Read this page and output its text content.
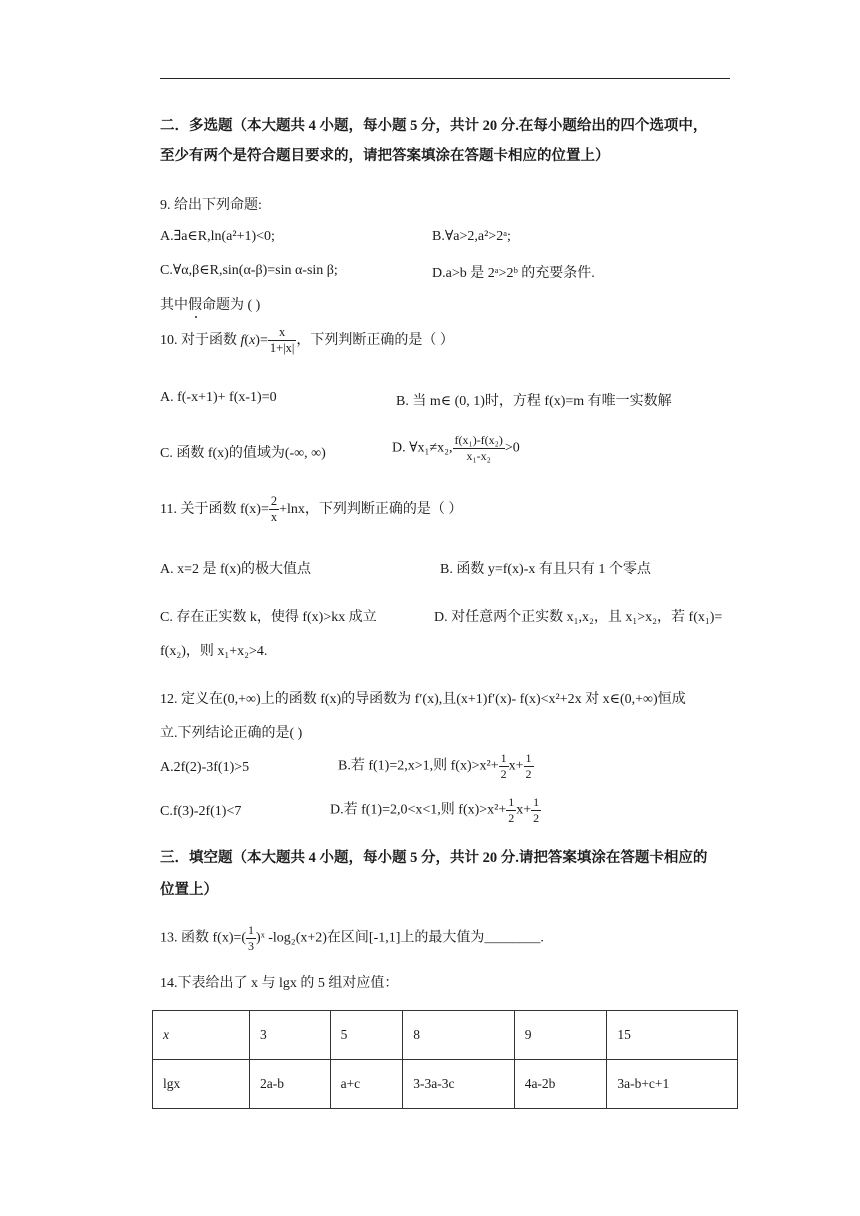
二．多选题（本大题共 4 小题，每小题 5 分，共计 20 分.在每小题给出的四个选项中，
至少有两个是符合题目要求的，请把答案填涂在答题卡相应的位置上）
9. 给出下列命题:
A.∃a∈R,ln(a²+1)<0;	B.∀a>2,a²>2ᵃ;
C.∀α,β∈R,sin(α-β)=sin α-sin β;	D.a>b 是 2ᵃ>2ᵇ 的充要条件.
其中假命题为 ( )
10. 对于函数 $f(x)= \frac{x}{1+|x|}$ ，下列判断正确的是（ ）
A. f(-x+1)+ f(x-1)=0	B. 当 m∈ (0, 1)时，方程 f(x)=m 有唯一实数解
C. 函数 f(x)的值域为(-∞, ∞)	D. ∀x₁≠x₂, $\frac{\text{f(x₁)-f(x₂)}}{\text{x₁-x₂}} >0$
11. 关于函数 $f(x)= \frac{2}{x} +\ln x$，下列判断正确的是（ ）
A. x=2 是 f(x)的极大值点	B. 函数 y=f(x)-x 有且只有 1 个零点
C. 存在正实数 k，使得 f(x)>kx 成立	D. 对任意两个正实数 x₁,x₂，且 x₁>x₂，若 f(x₁)=
f(x₂)，则 x₁+x₂>4.
12. 定义在(0,+∞)上的函数 f(x)的导函数为 f′(x),且(x+1)f′(x)- f(x)<x²+2x 对 x∈(0,+∞)恒成
立.下列结论正确的是( )
A.2f(2)-3f(1)>5	B.若 f(1)=2,x>1,则 $f(x)>x^2+ \frac{1}{2} x+ \frac{1}{2}$
C.f(3)-2f(1)<7	D.若 f(1)=2,0<x<1,则 $f(x)>x^2+ \frac{1}{2} x+ \frac{1}{2}$
三．填空题（本大题共 4 小题，每小题 5 分，共计 20 分.请把答案填涂在答题卡相应的
位置上）
13. 函数 $f(x)=( \frac{1}{3}$ )ˣ -log₂(x+2)在区间[-1,1]上的最大值为________.
14.下表给出了 x 与 lgx 的 5 组对应值：
x	3	5	8	9	15
lgx	2a-b	a+c	3-3a-3c	4a-2b	3a-b+c+1
